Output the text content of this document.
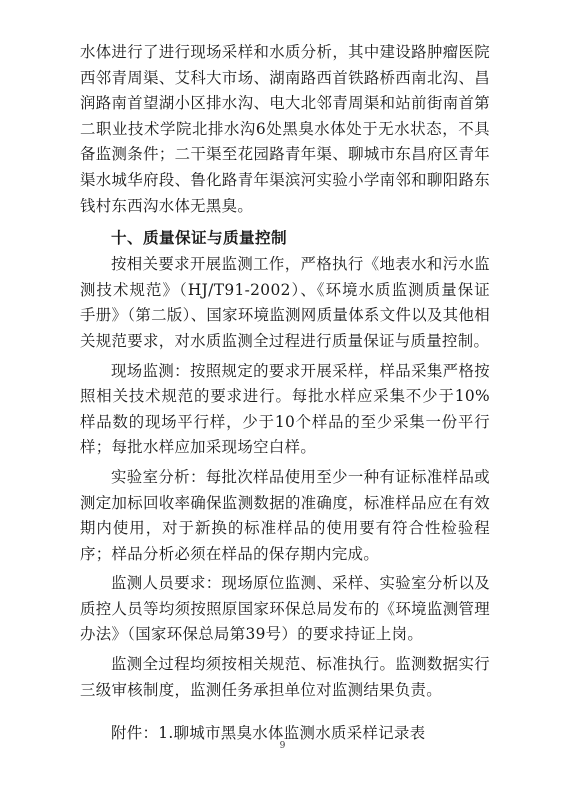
水体进行了进行现场采样和水质分析，其中建设路肿瘤医院西邻青周渠、艾科大市场、湖南路西首铁路桥西南北沟、昌润路南首望湖小区排水沟、电大北邻青周渠和站前街南首第二职业技术学院北排水沟6处黑臭水体处于无水状态，不具备监测条件；二干渠至花园路青年渠、聊城市东昌府区青年渠水城华府段、鲁化路青年渠滨河实验小学南邻和聊阳路东钱村东西沟水体无黑臭。

十、质量保证与质量控制

按相关要求开展监测工作，严格执行《地表水和污水监测技术规范》（HJ/T91-2002）、《环境水质监测质量保证手册》（第二版）、国家环境监测网质量体系文件以及其他相关规范要求，对水质监测全过程进行质量保证与质量控制。

现场监测：按照规定的要求开展采样，样品采集严格按照相关技术规范的要求进行。每批水样应采集不少于10%样品数的现场平行样，少于10个样品的至少采集一份平行样；每批水样应加采现场空白样。

实验室分析：每批次样品使用至少一种有证标准样品或测定加标回收率确保监测数据的准确度，标准样品应在有效期内使用，对于新换的标准样品的使用要有符合性检验程序；样品分析必须在样品的保存期内完成。

监测人员要求：现场原位监测、采样、实验室分析以及质控人员等均须按照原国家环保总局发布的《环境监测管理办法》（国家环保总局第39号）的要求持证上岗。

监测全过程均须按相关规范、标准执行。监测数据实行三级审核制度，监测任务承担单位对监测结果负责。

附件：1.聊城市黑臭水体监测水质采样记录表

9
